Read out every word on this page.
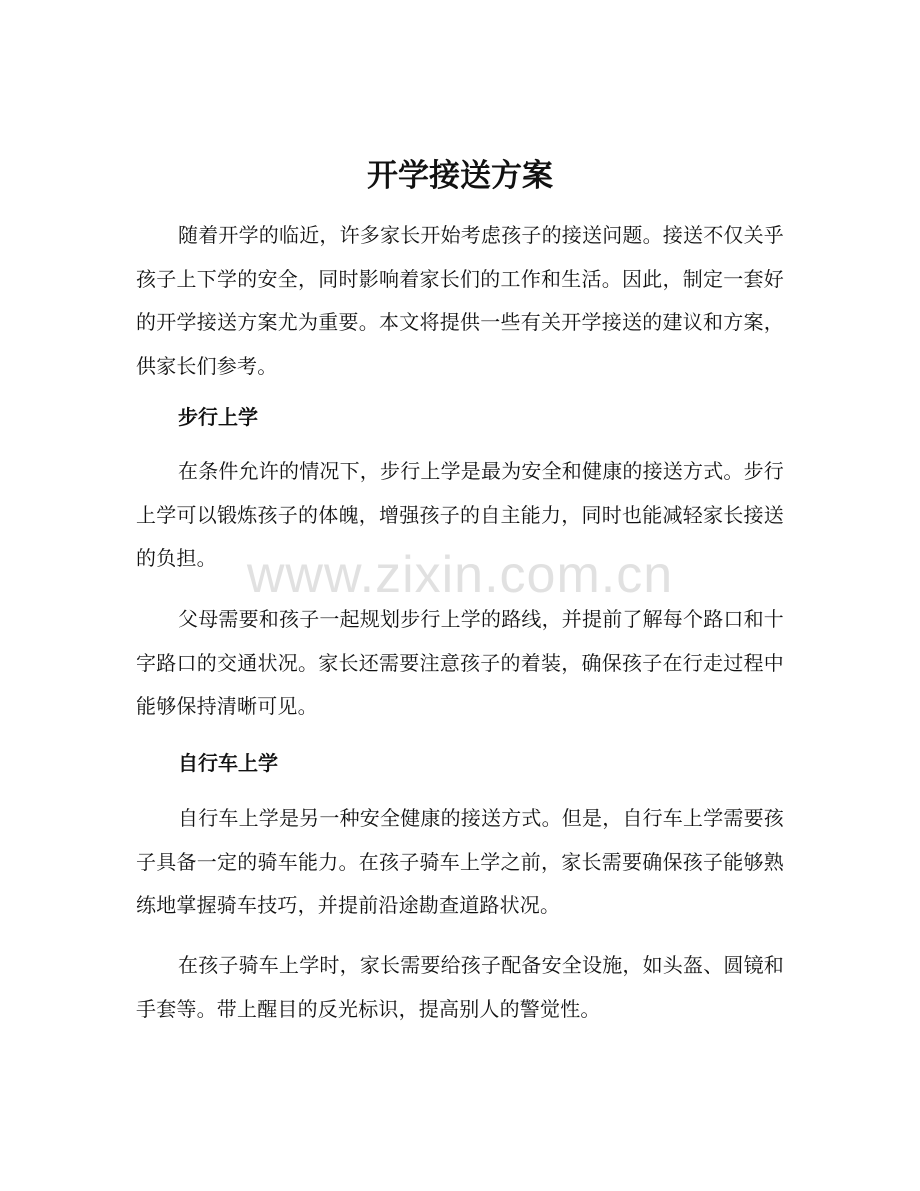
开学接送方案

随着开学的临近，许多家长开始考虑孩子的接送问题。接送不仅关乎孩子上下学的安全，同时影响着家长们的工作和生活。因此，制定一套好的开学接送方案尤为重要。本文将提供一些有关开学接送的建议和方案，供家长们参考。

步行上学

在条件允许的情况下，步行上学是最为安全和健康的接送方式。步行上学可以锻炼孩子的体魄，增强孩子的自主能力，同时也能减轻家长接送的负担。

父母需要和孩子一起规划步行上学的路线，并提前了解每个路口和十字路口的交通状况。家长还需要注意孩子的着装，确保孩子在行走过程中能够保持清晰可见。

自行车上学

自行车上学是另一种安全健康的接送方式。但是，自行车上学需要孩子具备一定的骑车能力。在孩子骑车上学之前，家长需要确保孩子能够熟练地掌握骑车技巧，并提前沿途勘查道路状况。

在孩子骑车上学时，家长需要给孩子配备安全设施，如头盔、圆镜和手套等。带上醒目的反光标识，提高别人的警觉性。

www.zixin.com.cn
